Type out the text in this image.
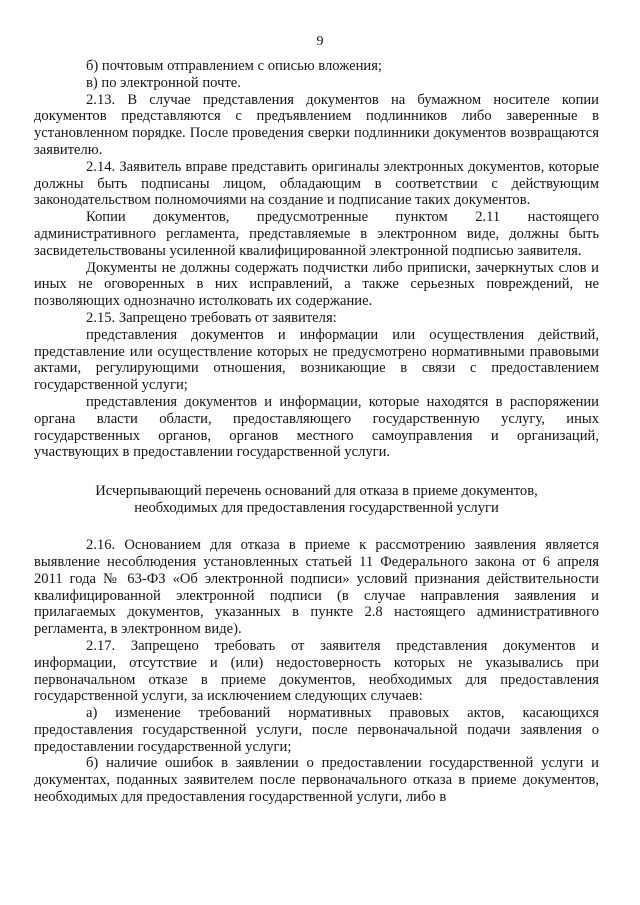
9

б) почтовым отправлением с описью вложения;

в) по электронной почте.

2.13. В случае представления документов на бумажном носителе копии документов представляются с предъявлением подлинников либо заверенные в установленном порядке. После проведения сверки подлинники документов возвращаются заявителю.

2.14. Заявитель вправе представить оригиналы электронных документов, которые должны быть подписаны лицом, обладающим в соответствии с действующим законодательством полномочиями на создание и подписание таких документов.

Копии документов, предусмотренные пунктом 2.11 настоящего административного регламента, представляемые в электронном виде, должны быть засвидетельствованы усиленной квалифицированной электронной подписью заявителя.

Документы не должны содержать подчистки либо приписки, зачеркнутых слов и иных не оговоренных в них исправлений, а также серьезных повреждений, не позволяющих однозначно истолковать их содержание.

2.15. Запрещено требовать от заявителя:

представления документов и информации или осуществления действий, представление или осуществление которых не предусмотрено нормативными правовыми актами, регулирующими отношения, возникающие в связи с предоставлением государственной услуги;

представления документов и информации, которые находятся в распоряжении органа власти области, предоставляющего государственную услугу, иных государственных органов, органов местного самоуправления и организаций, участвующих в предоставлении государственной услуги.

Исчерпывающий перечень оснований для отказа в приеме документов, необходимых для предоставления государственной услуги

2.16. Основанием для отказа в приеме к рассмотрению заявления является выявление несоблюдения установленных статьей 11 Федерального закона от 6 апреля 2011 года № 63-ФЗ «Об электронной подписи» условий признания действительности квалифицированной электронной подписи (в случае направления заявления и прилагаемых документов, указанных в пункте 2.8 настоящего административного регламента, в электронном виде).

2.17. Запрещено требовать от заявителя представления документов и информации, отсутствие и (или) недостоверность которых не указывались при первоначальном отказе в приеме документов, необходимых для предоставления государственной услуги, за исключением следующих случаев:

а) изменение требований нормативных правовых актов, касающихся предоставления государственной услуги, после первоначальной подачи заявления о предоставлении государственной услуги;

б) наличие ошибок в заявлении о предоставлении государственной услуги и документах, поданных заявителем после первоначального отказа в приеме документов, необходимых для предоставления государственной услуги, либо в
